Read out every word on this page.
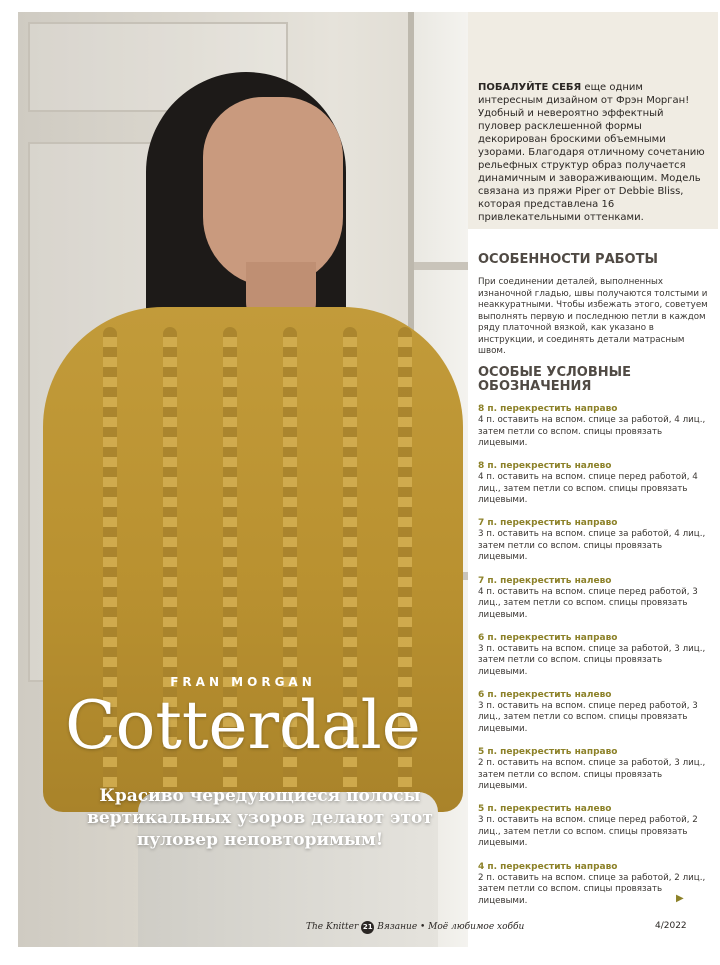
FRAN MORGAN
Cotterdale
Красиво чередующиеся полосы вертикальных узоров делают этот пуловер неповторимым!

ПОБАЛУЙТЕ СЕБЯ еще одним интересным дизайном от Фрэн Морган! Удобный и невероятно эффектный пуловер расклешенной формы декорирован броскими объемными узорами. Благодаря отличному сочетанию рельефных структур образ получается динамичным и завораживающим. Модель связана из пряжи Piper от Debbie Bliss, которая представлена 16 привлекательными оттенками.

ОСОБЕННОСТИ РАБОТЫ

При соединении деталей, выполненных изнаночной гладью, швы получаются толстыми и неаккуратными. Чтобы избежать этого, советуем выполнять первую и последнюю петли в каждом ряду платочной вязкой, как указано в инструкции, и соединять детали матрасным швом.

ОСОБЫЕ УСЛОВНЫЕ ОБОЗНАЧЕНИЯ
8 п. перекрестить направо
4 п. оставить на вспом. спице за работой, 4 лиц., затем петли со вспом. спицы провязать лицевыми.
8 п. перекрестить налево
4 п. оставить на вспом. спице перед работой, 4 лиц., затем петли со вспом. спицы провязать лицевыми.
7 п. перекрестить направо
3 п. оставить на вспом. спице за работой, 4 лиц., затем петли со вспом. спицы провязать лицевыми.
7 п. перекрестить налево
4 п. оставить на вспом. спице перед работой, 3 лиц., затем петли со вспом. спицы провязать лицевыми.
6 п. перекрестить направо
3 п. оставить на вспом. спице за работой, 3 лиц., затем петли со вспом. спицы провязать лицевыми.
6 п. перекрестить налево
3 п. оставить на вспом. спице перед работой, 3 лиц., затем петли со вспом. спицы провязать лицевыми.
5 п. перекрестить направо
2 п. оставить на вспом. спице за работой, 3 лиц., затем петли со вспом. спицы провязать лицевыми.
5 п. перекрестить налево
3 п. оставить на вспом. спице перед работой, 2 лиц., затем петли со вспом. спицы провязать лицевыми.
4 п. перекрестить направо
2 п. оставить на вспом. спице за работой, 2 лиц., затем петли со вспом. спицы провязать лицевыми.	▶
The Knitter 21 Вязание • Моё любимое хобби	4/2022
